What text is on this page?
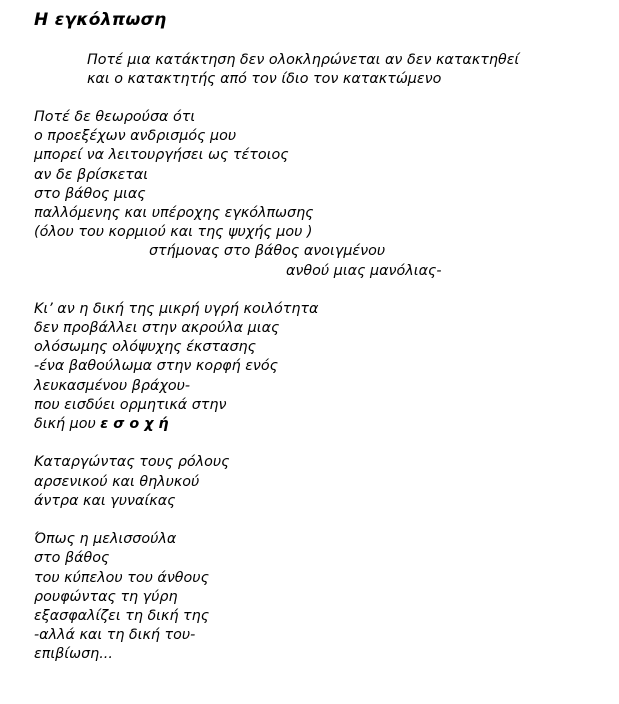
Η εγκόλπωση
Ποτέ μια κατάκτηση δεν ολοκληρώνεται αν δεν κατακτηθεί
και ο κατακτητής από τον ίδιο τον κατακτώμενο
Ποτέ δε θεωρούσα ότι
ο προεξέχων ανδρισμός μου
μπορεί να λειτουργήσει ως τέτοιος
αν δε βρίσκεται
στο βάθος μιας
παλλόμενης και υπέροχης εγκόλπωσης
(όλου του κορμιού και της ψυχής μου )
στήμονας στο βάθος ανοιγμένου
ανθού μιας μανόλιας-
Κι’ αν η δική της μικρή υγρή κοιλότητα
δεν προβάλλει στην ακρούλα μιας
ολόσωμης ολόψυχης έκστασης
-ένα βαθούλωμα στην κορφή ενός
λευκασμένου βράχου-
που εισδύει ορμητικά στην
δική μου εσοχή
Καταργώντας τους ρόλους
αρσενικού και θηλυκού
άντρα και γυναίκας
Όπως η μελισσούλα
στο βάθος
του κύπελου του άνθους
ρουφώντας τη γύρη
εξασφαλίζει τη δική της
-αλλά και τη δική του-
επιβίωση...
